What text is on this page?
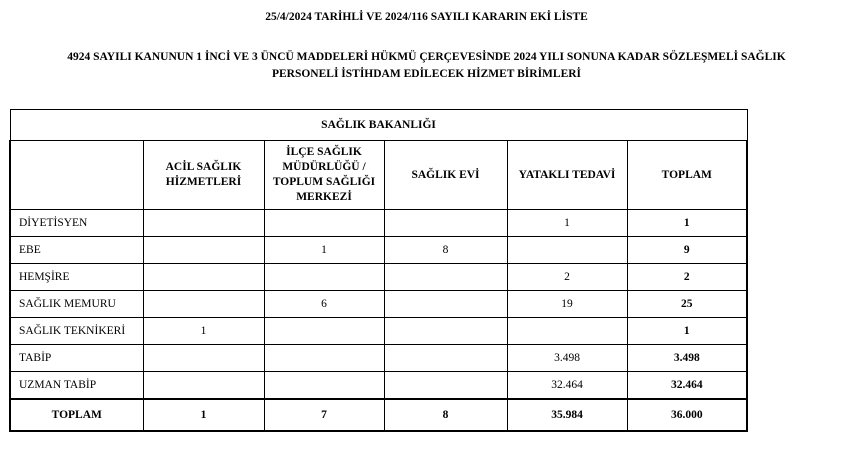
25/4/2024 TARİHLİ VE 2024/116 SAYILI KARARIN EKİ LİSTE
4924 SAYILI KANUNUN 1 İNCİ VE 3 ÜNCÜ MADDELERİ HÜKMÜ ÇERÇEVESİNDE 2024 YILI SONUNA KADAR SÖZLEŞMELİ SAĞLIK
PERSONELİ İSTİHDAM EDİLECEK HİZMET BİRİMLERİ
SAĞLIK BAKANLIĞI					
	ACİL SAĞLIK HİZMETLERİ	İLÇE SAĞLIK MÜDÜRLÜĞÜ / TOPLUM SAĞLIĞI MERKEZİ	SAĞLIK EVİ	YATAKLI TEDAVİ	TOPLAM
DİYETİSYEN				1	1
EBE		1	8		9
HEMŞİRE				2	2
SAĞLIK MEMURU		6		19	25
SAĞLIK TEKNİKERİ	1				1
TABİP				3.498	3.498
UZMAN TABİP				32.464	32.464
TOPLAM	1	7	8	35.984	36.000
